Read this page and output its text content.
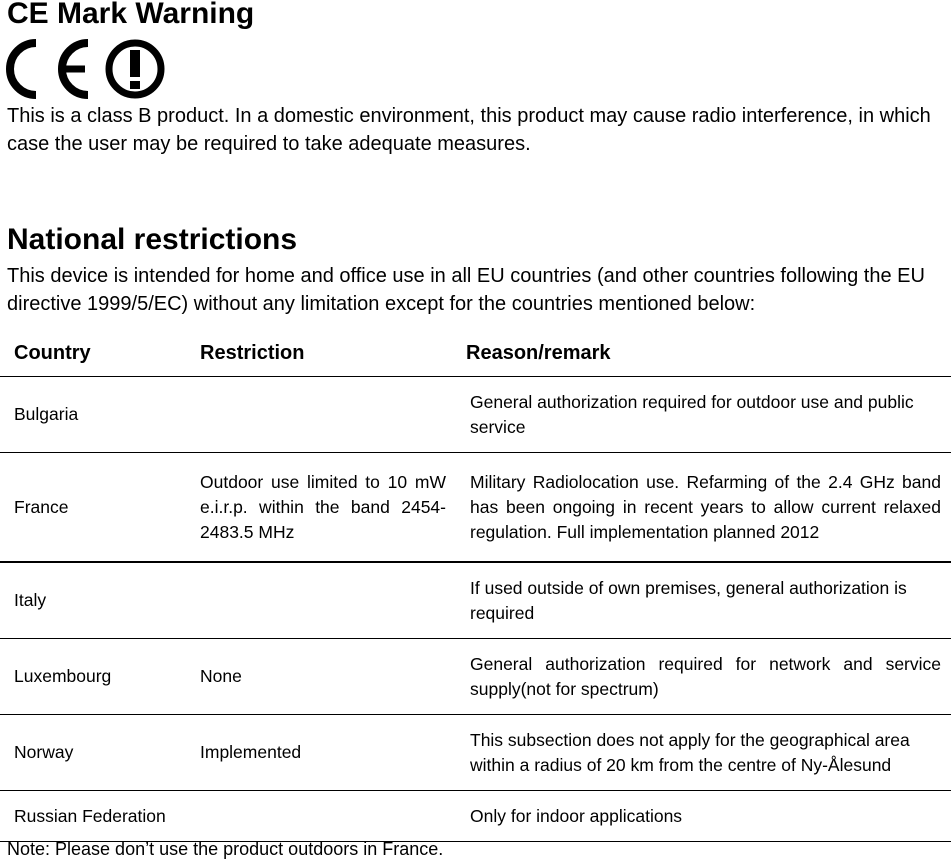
CE Mark Warning

This is a class B product. In a domestic environment, this product may cause radio interference, in which case the user may be required to take adequate measures.

National restrictions

This device is intended for home and office use in all EU countries (and other countries following the EU directive 1999/5/EC) without any limitation except for the countries mentioned below:

Country	Restriction	Reason/remark
Bulgaria		General authorization required for outdoor use and public service
France	Outdoor use limited to 10 mW e.i.r.p. within the band 2454-2483.5 MHz	Military Radiolocation use. Refarming of the 2.4 GHz band has been ongoing in recent years to allow current relaxed regulation. Full implementation planned 2012
Italy		If used outside of own premises, general authorization is required
Luxembourg	None	General authorization required for network and service supply(not for spectrum)
Norway	Implemented	This subsection does not apply for the geographical area within a radius of 20 km from the centre of Ny-Ålesund
Russian Federation		Only for indoor applications

Note: Please don’t use the product outdoors in France.
